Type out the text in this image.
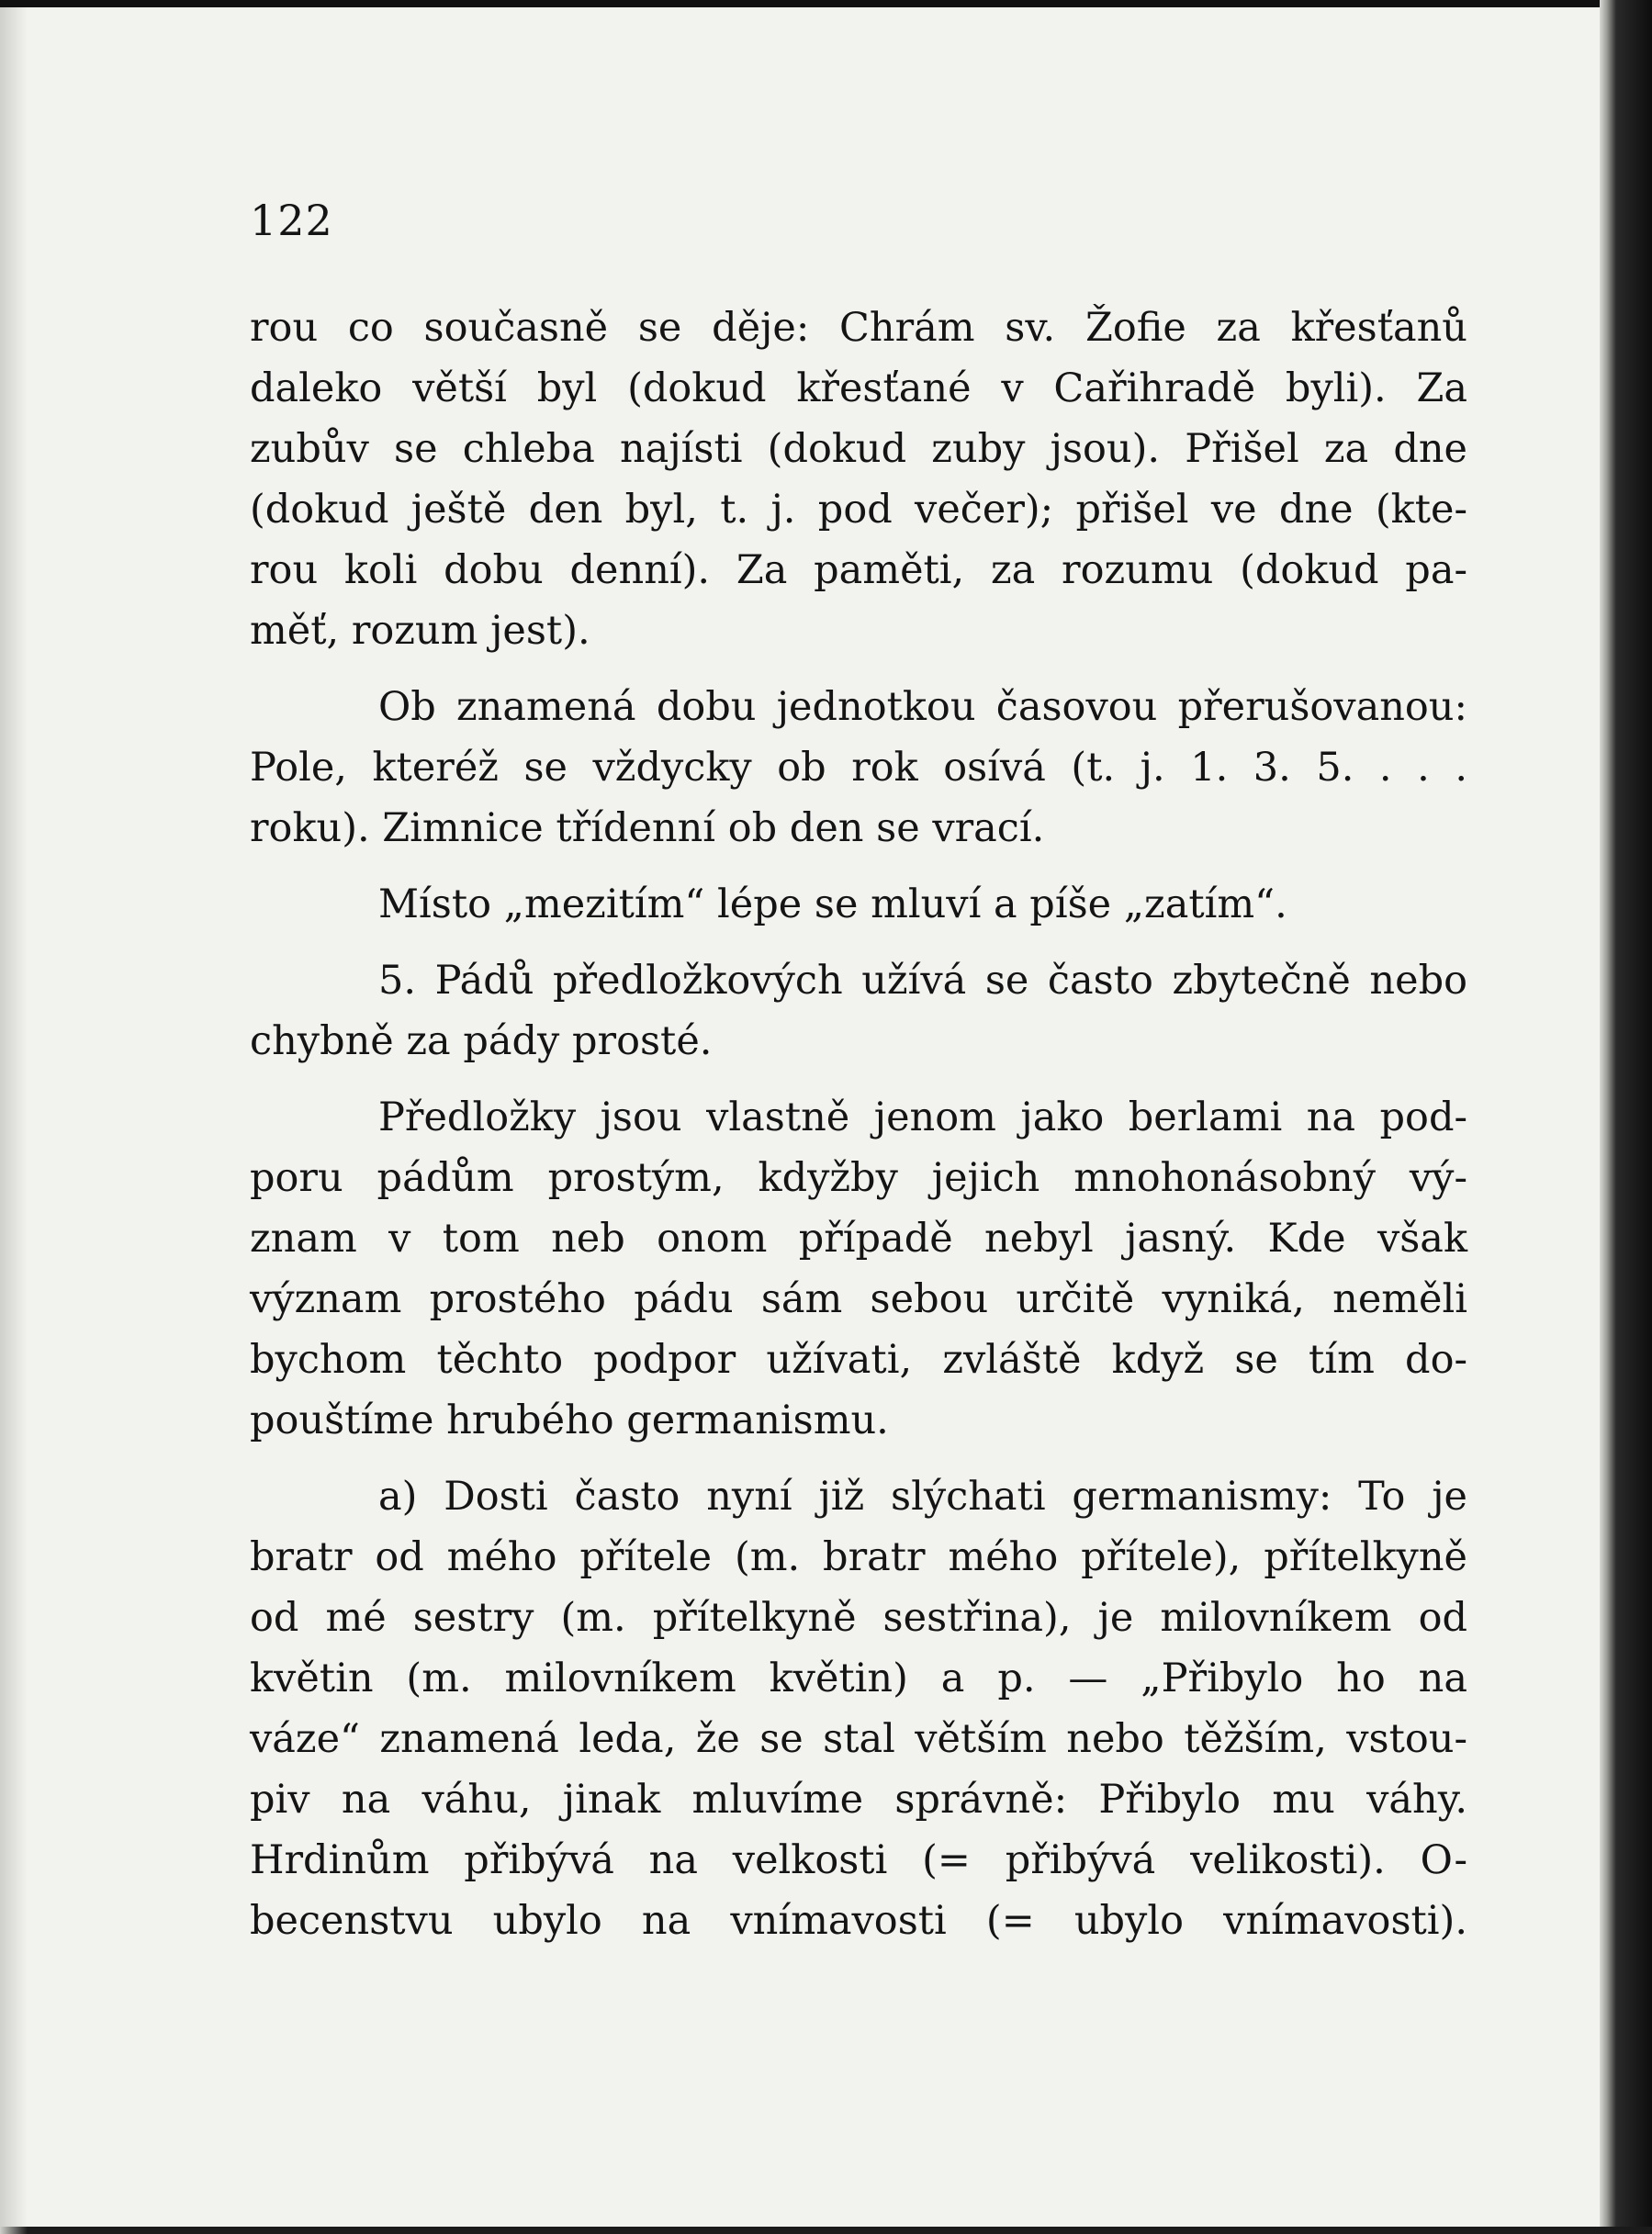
122
rou co současně se děje: Chrám sv. Žofie za křesťanů
daleko větší byl (dokud křesťané v Cařihradě byli). Za
zubův se chleba najísti (dokud zuby jsou). Přišel za dne
(dokud ještě den byl, t. j. pod večer); přišel ve dne (kte-
rou koli dobu denní). Za paměti, za rozumu (dokud pa-
měť, rozum jest).
Ob znamená dobu jednotkou časovou přerušovanou:
Pole, kteréž se vždycky ob rok osívá (t. j. 1. 3. 5. . . .
roku). Zimnice třídenní ob den se vrací.
Místo „mezitím“ lépe se mluví a píše „zatím“.
5. Pádů předložkových užívá se často zbytečně nebo
chybně za pády prosté.
Předložky jsou vlastně jenom jako berlami na pod-
poru pádům prostým, kdyžby jejich mnohonásobný vý-
znam v tom neb onom případě nebyl jasný. Kde však
význam prostého pádu sám sebou určitě vyniká, neměli
bychom těchto podpor užívati, zvláště když se tím do-
pouštíme hrubého germanismu.
a) Dosti často nyní již slýchati germanismy: To je
bratr od mého přítele (m. bratr mého přítele), přítelkyně
od mé sestry (m. přítelkyně sestřina), je milovníkem od
květin (m. milovníkem květin) a p. — „Přibylo ho na
váze“ znamená leda, že se stal větším nebo těžším, vstou-
piv na váhu, jinak mluvíme správně: Přibylo mu váhy.
Hrdinům přibývá na velkosti (= přibývá velikosti). O-
becenstvu ubylo na vnímavosti (= ubylo vnímavosti).
